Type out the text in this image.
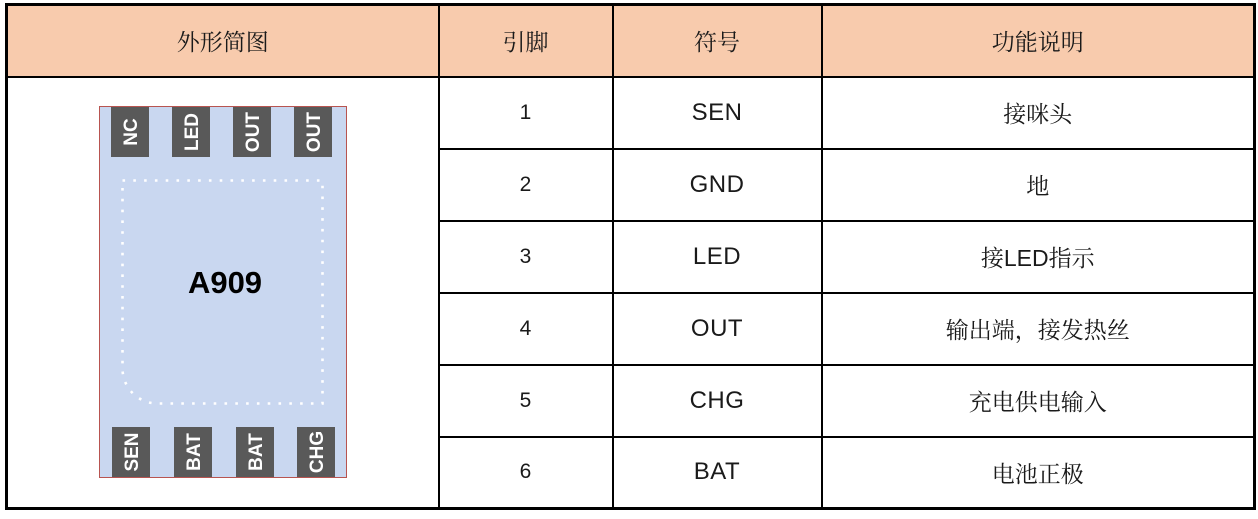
外形简图	引脚	符号	功能说明

NC LED OUT OUT
SEN BAT BAT CHG
A909
	1	SEN	接咪头
	2	GND	地
	3	LED	接LED指示
	4	OUT	输出端，接发热丝
	5	CHG	充电供电输入
	6	BAT	电池正极
